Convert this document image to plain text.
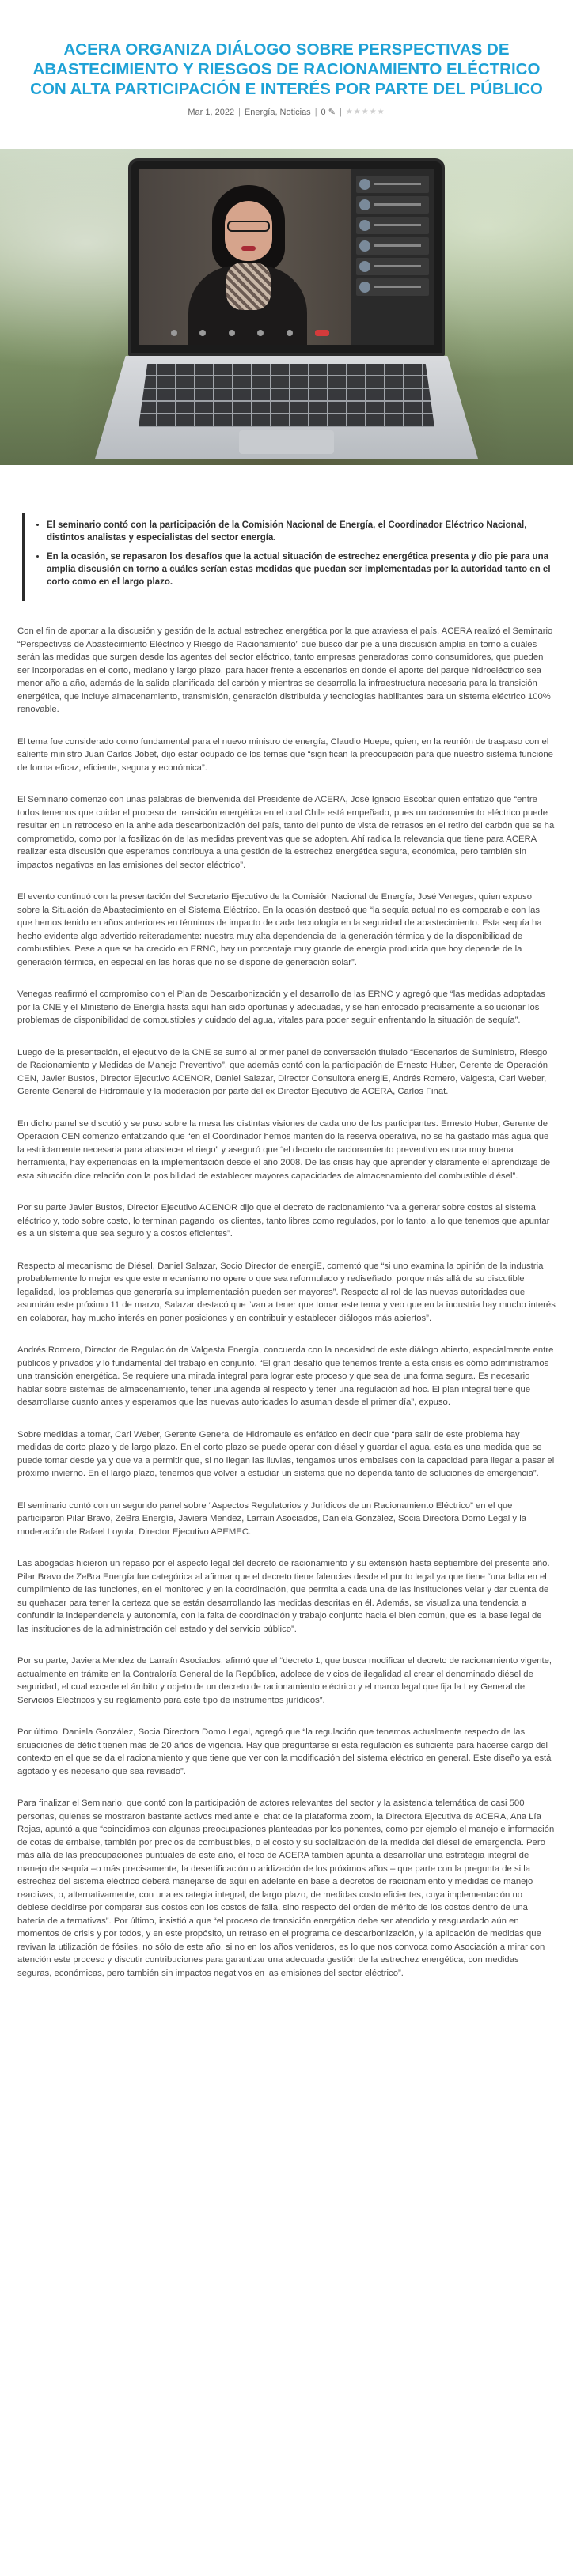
ACERA ORGANIZA DIÁLOGO SOBRE PERSPECTIVAS DE ABASTECIMIENTO Y RIESGOS DE RACIONAMIENTO ELÉCTRICO CON ALTA PARTICIPACIÓN E INTERÉS POR PARTE DEL PÚBLICO
Mar 1, 2022 | Energía, Noticias | 0 ✎ | ★★★★★
• El seminario contó con la participación de la Comisión Nacional de Energía, el Coordinador Eléctrico Nacional, distintos analistas y especialistas del sector energía.
• En la ocasión, se repasaron los desafíos que la actual situación de estrechez energética presenta y dio pie para una amplia discusión en torno a cuáles serían estas medidas que puedan ser implementadas por la autoridad tanto en el corto como en el largo plazo.

Con el fin de aportar a la discusión y gestión de la actual estrechez energética por la que atraviesa el país, ACERA realizó el Seminario “Perspectivas de Abastecimiento Eléctrico y Riesgo de Racionamiento” que buscó dar pie a una discusión amplia en torno a cuáles serán las medidas que surgen desde los agentes del sector eléctrico, tanto empresas generadoras como consumidores, que pueden ser incorporadas en el corto, mediano y largo plazo, para hacer frente a escenarios en donde el aporte del parque hidroeléctrico sea menor año a año, además de la salida planificada del carbón y mientras se desarrolla la infraestructura necesaria para la transición energética, que incluye almacenamiento, transmisión, generación distribuida y tecnologías habilitantes para un sistema eléctrico 100% renovable.

El tema fue considerado como fundamental para el nuevo ministro de energía, Claudio Huepe, quien, en la reunión de traspaso con el saliente ministro Juan Carlos Jobet, dijo estar ocupado de los temas que “significan la preocupación para que nuestro sistema funcione de forma eficaz, eficiente, segura y económica”.

El Seminario comenzó con unas palabras de bienvenida del Presidente de ACERA, José Ignacio Escobar quien enfatizó que “entre todos tenemos que cuidar el proceso de transición energética en el cual Chile está empeñado, pues un racionamiento eléctrico puede resultar en un retroceso en la anhelada descarbonización del país, tanto del punto de vista de retrasos en el retiro del carbón que se ha comprometido, como por la fosilización de las medidas preventivas que se adopten. Ahí radica la relevancia que tiene para ACERA realizar esta discusión que esperamos contribuya a una gestión de la estrechez energética segura, económica, pero también sin impactos negativos en las emisiones del sector eléctrico”.

El evento continuó con la presentación del Secretario Ejecutivo de la Comisión Nacional de Energía, José Venegas, quien expuso sobre la Situación de Abastecimiento en el Sistema Eléctrico. En la ocasión destacó que “la sequía actual no es comparable con las que hemos tenido en años anteriores en términos de impacto de cada tecnología en la seguridad de abastecimiento. Esta sequía ha hecho evidente algo advertido reiteradamente: nuestra muy alta dependencia de la generación térmica y de la disponibilidad de combustibles. Pese a que se ha crecido en ERNC, hay un porcentaje muy grande de energía producida que hoy depende de la generación térmica, en especial en las horas que no se dispone de generación solar”.

Venegas reafirmó el compromiso con el Plan de Descarbonización y el desarrollo de las ERNC y agregó que “las medidas adoptadas por la CNE y el Ministerio de Energía hasta aquí han sido oportunas y adecuadas, y se han enfocado precisamente a solucionar los problemas de disponibilidad de combustibles y cuidado del agua, vitales para poder seguir enfrentando la situación de sequía”.

Luego de la presentación, el ejecutivo de la CNE se sumó al primer panel de conversación titulado “Escenarios de Suministro, Riesgo de Racionamiento y Medidas de Manejo Preventivo”, que además contó con la participación de Ernesto Huber, Gerente de Operación CEN, Javier Bustos, Director Ejecutivo ACENOR, Daniel Salazar, Director Consultora energiE, Andrés Romero, Valgesta, Carl Weber, Gerente General de Hidromaule y la moderación por parte del ex Director Ejecutivo de ACERA, Carlos Finat.

En dicho panel se discutió y se puso sobre la mesa las distintas visiones de cada uno de los participantes. Ernesto Huber, Gerente de Operación CEN comenzó enfatizando que “en el Coordinador hemos mantenido la reserva operativa, no se ha gastado más agua que la estrictamente necesaria para abastecer el riego” y aseguró que “el decreto de racionamiento preventivo es una muy buena herramienta, hay experiencias en la implementación desde el año 2008. De las crisis hay que aprender y claramente el aprendizaje de esta situación dice relación con la posibilidad de establecer mayores capacidades de almacenamiento del combustible diésel”.

Por su parte Javier Bustos, Director Ejecutivo ACENOR dijo que el decreto de racionamiento “va a generar sobre costos al sistema eléctrico y, todo sobre costo, lo terminan pagando los clientes, tanto libres como regulados, por lo tanto, a lo que tenemos que apuntar es a un sistema que sea seguro y a costos eficientes”.

Respecto al mecanismo de Diésel, Daniel Salazar, Socio Director de energiE, comentó que “si uno examina la opinión de la industria probablemente lo mejor es que este mecanismo no opere o que sea reformulado y rediseñado, porque más allá de su discutible legalidad, los problemas que generaría su implementación pueden ser mayores”. Respecto al rol de las nuevas autoridades que asumirán este próximo 11 de marzo, Salazar destacó que “van a tener que tomar este tema y veo que en la industria hay mucho interés en colaborar, hay mucho interés en poner posiciones y en contribuir y establecer diálogos más abiertos”.

Andrés Romero, Director de Regulación de Valgesta Energía, concuerda con la necesidad de este diálogo abierto, especialmente entre públicos y privados y lo fundamental del trabajo en conjunto. “El gran desafío que tenemos frente a esta crisis es cómo administramos una transición energética. Se requiere una mirada integral para lograr este proceso y que sea de una forma segura. Es necesario hablar sobre sistemas de almacenamiento, tener una agenda al respecto y tener una regulación ad hoc. El plan integral tiene que desarrollarse cuanto antes y esperamos que las nuevas autoridades lo asuman desde el primer día”, expuso.

Sobre medidas a tomar, Carl Weber, Gerente General de Hidromaule es enfático en decir que “para salir de este problema hay medidas de corto plazo y de largo plazo. En el corto plazo se puede operar con diésel y guardar el agua, esta es una medida que se puede tomar desde ya y que va a permitir que, si no llegan las lluvias, tengamos unos embalses con la capacidad para llegar a pasar el próximo invierno. En el largo plazo, tenemos que volver a estudiar un sistema que no dependa tanto de soluciones de emergencia”.

El seminario contó con un segundo panel sobre “Aspectos Regulatorios y Jurídicos de un Racionamiento Eléctrico” en el que participaron Pilar Bravo, ZeBra Energía, Javiera Mendez, Larrain Asociados, Daniela González, Socia Directora Domo Legal y la moderación de Rafael Loyola, Director Ejecutivo APEMEC.

Las abogadas hicieron un repaso por el aspecto legal del decreto de racionamiento y su extensión hasta septiembre del presente año. Pilar Bravo de ZeBra Energía fue categórica al afirmar que el decreto tiene falencias desde el punto legal ya que tiene “una falta en el cumplimiento de las funciones, en el monitoreo y en la coordinación, que permita a cada una de las instituciones velar y dar cuenta de su quehacer para tener la certeza que se están desarrollando las medidas descritas en él. Además, se visualiza una tendencia a confundir la independencia y autonomía, con la falta de coordinación y trabajo conjunto hacia el bien común, que es la base legal de las instituciones de la administración del estado y del servicio público”.

Por su parte, Javiera Mendez de Larraín Asociados, afirmó que el “decreto 1, que busca modificar el decreto de racionamiento vigente, actualmente en trámite en la Contraloría General de la República, adolece de vicios de ilegalidad al crear el denominado diésel de seguridad, el cual excede el ámbito y objeto de un decreto de racionamiento eléctrico y el marco legal que fija la Ley General de Servicios Eléctricos y su reglamento para este tipo de instrumentos jurídicos”.

Por último, Daniela González, Socia Directora Domo Legal, agregó que “la regulación que tenemos actualmente respecto de las situaciones de déficit tienen más de 20 años de vigencia. Hay que preguntarse si esta regulación es suficiente para hacerse cargo del contexto en el que se da el racionamiento y que tiene que ver con la modificación del sistema eléctrico en general. Este diseño ya está agotado y es necesario que sea revisado”.

Para finalizar el Seminario, que contó con la participación de actores relevantes del sector y la asistencia telemática de casi 500 personas, quienes se mostraron bastante activos mediante el chat de la plataforma zoom, la Directora Ejecutiva de ACERA, Ana Lía Rojas, apuntó a que “coincidimos con algunas preocupaciones planteadas por los ponentes, como por ejemplo el manejo e información de cotas de embalse, también por precios de combustibles, o el costo y su socialización de la medida del diésel de emergencia. Pero más allá de las preocupaciones puntuales de este año, el foco de ACERA también apunta a desarrollar una estrategia integral de manejo de sequía –o más precisamente, la desertificación o aridización de los próximos años – que parte con la pregunta de si la estrechez del sistema eléctrico deberá manejarse de aquí en adelante en base a decretos de racionamiento y medidas de manejo reactivas, o, alternativamente, con una estrategia integral, de largo plazo, de medidas costo eficientes, cuya implementación no debiese decidirse por comparar sus costos con los costos de falla, sino respecto del orden de mérito de los costos dentro de una batería de alternativas”. Por último, insistió a que “el proceso de transición energética debe ser atendido y resguardado aún en momentos de crisis y por todos, y en este propósito, un retraso en el programa de descarbonización, y la aplicación de medidas que revivan la utilización de fósiles, no sólo de este año, si no en los años venideros, es lo que nos convoca como Asociación a mirar con atención este proceso y discutir contribuciones para garantizar una adecuada gestión de la estrechez energética, con medidas seguras, económicas, pero también sin impactos negativos en las emisiones del sector eléctrico”.
